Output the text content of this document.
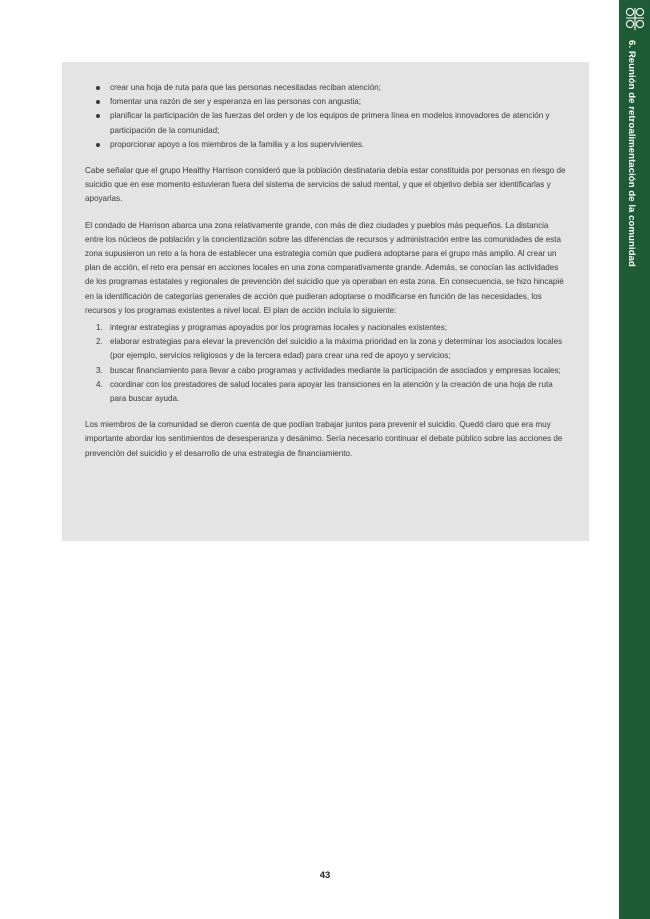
6. Reunión de retroalimentación de la comunidad
crear una hoja de ruta para que las personas necesitadas reciban atención;
fomentar una razón de ser y esperanza en las personas con angustia;
planificar la participación de las fuerzas del orden y de los equipos de primera línea en modelos innovadores de atención y participación de la comunidad;
proporcionar apoyo a los miembros de la familia y a los supervivientes.

Cabe señalar que el grupo Healthy Harrison consideró que la población destinataria debía estar constituida por personas en riesgo de suicidio que en ese momento estuvieran fuera del sistema de servicios de salud mental, y que el objetivo debía ser identificarlas y apoyarlas.

El condado de Harrison abarca una zona relativamente grande, con más de diez ciudades y pueblos más pequeños. La distancia entre los núcleos de población y la concientización sobre las diferencias de recursos y administración entre las comunidades de esta zona supusieron un reto a la hora de establecer una estrategia común que pudiera adoptarse para el grupo más amplio. Al crear un plan de acción, el reto era pensar en acciones locales en una zona comparativamente grande. Además, se conocían las actividades de los programas estatales y regionales de prevención del suicidio que ya operaban en esta zona. En consecuencia, se hizo hincapié en la identificación de categorías generales de acción que pudieran adoptarse o modificarse en función de las necesidades, los recursos y los programas existentes a nivel local. El plan de acción incluía lo siguiente:

1. integrar estrategias y programas apoyados por los programas locales y nacionales existentes;
2. elaborar estrategias para elevar la prevención del suicidio a la máxima prioridad en la zona y determinar los asociados locales (por ejemplo, servicios religiosos y de la tercera edad) para crear una red de apoyo y servicios;
3. buscar financiamiento para llevar a cabo programas y actividades mediante la participación de asociados y empresas locales;
4. coordinar con los prestadores de salud locales para apoyar las transiciones en la atención y la creación de una hoja de ruta para buscar ayuda.

Los miembros de la comunidad se dieron cuenta de que podían trabajar juntos para prevenir el suicidio. Quedó claro que era muy importante abordar los sentimientos de desesperanza y desánimo. Sería necesario continuar el debate público sobre las acciones de prevención del suicidio y el desarrollo de una estrategia de financiamiento.

43
